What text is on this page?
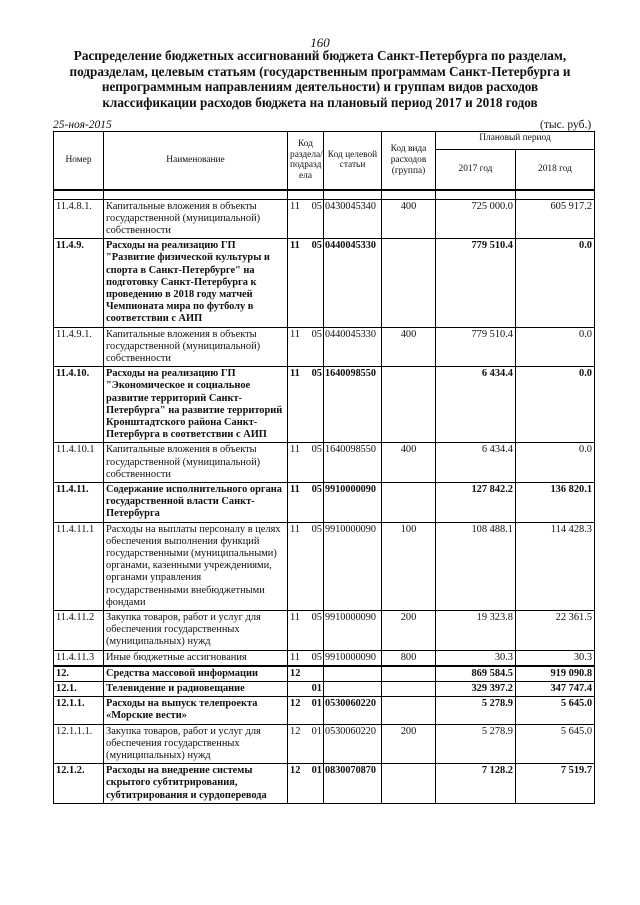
160
Распределение бюджетных ассигнований бюджета Санкт-Петербурга по разделам, подразделам, целевым статьям (государственным программам Санкт-Петербурга и непрограммным направлениям деятельности) и группам видов расходов классификации расходов бюджета на плановый период 2017 и 2018 годов
25-ноя-2015	(тыс. руб.)
Номер	Наименование	Код раздела/ подразд ела		Код целевой статьи	Код вида расходов (группа)	Плановый период	
						2017 год	2018 год

11.4.8.1.	Капитальные вложения в объекты государственной (муниципальной) собственности	11	05	0430045340	400	725 000.0	605 917.2
11.4.9.	Расходы на реализацию ГП "Развитие физической культуры и спорта в Санкт-Петербурге" на подготовку Санкт-Петербурга к проведению в 2018 году матчей Чемпионата мира по футболу в соответствии с АИП	11	05	0440045330		779 510.4	0.0
11.4.9.1.	Капитальные вложения в объекты государственной (муниципальной) собственности	11	05	0440045330	400	779 510.4	0.0
11.4.10.	Расходы на реализацию ГП "Экономическое и социальное развитие территорий Санкт-Петербурга" на развитие территорий Кронштадтского района Санкт-Петербурга в соответствии с АИП	11	05	1640098550		6 434.4	0.0
11.4.10.1	Капитальные вложения в объекты государственной (муниципальной) собственности	11	05	1640098550	400	6 434.4	0.0
11.4.11.	Содержание исполнительного органа государственной власти Санкт-Петербурга	11	05	9910000090		127 842.2	136 820.1
11.4.11.1	Расходы на выплаты персоналу в целях обеспечения выполнения функций государственными (муниципальными) органами, казенными учреждениями, органами управления государственными внебюджетными фондами	11	05	9910000090	100	108 488.1	114 428.3
11.4.11.2	Закупка товаров, работ и услуг для обеспечения государственных (муниципальных) нужд	11	05	9910000090	200	19 323.8	22 361.5
11.4.11.3	Иные бюджетные ассигнования	11	05	9910000090	800	30.3	30.3
12.	Средства массовой информации	12				869 584.5	919 090.8
12.1.	Телевидение и радиовещание		01			329 397.2	347 747.4
12.1.1.	Расходы на выпуск телепроекта «Морские вести»	12	01	0530060220		5 278.9	5 645.0
12.1.1.1.	Закупка товаров, работ и услуг для обеспечения государственных (муниципальных) нужд	12	01	0530060220	200	5 278.9	5 645.0
12.1.2.	Расходы на внедрение системы скрытого субтитрирования, субтитрирования и сурдоперевода	12	01	0830070870		7 128.2	7 519.7
